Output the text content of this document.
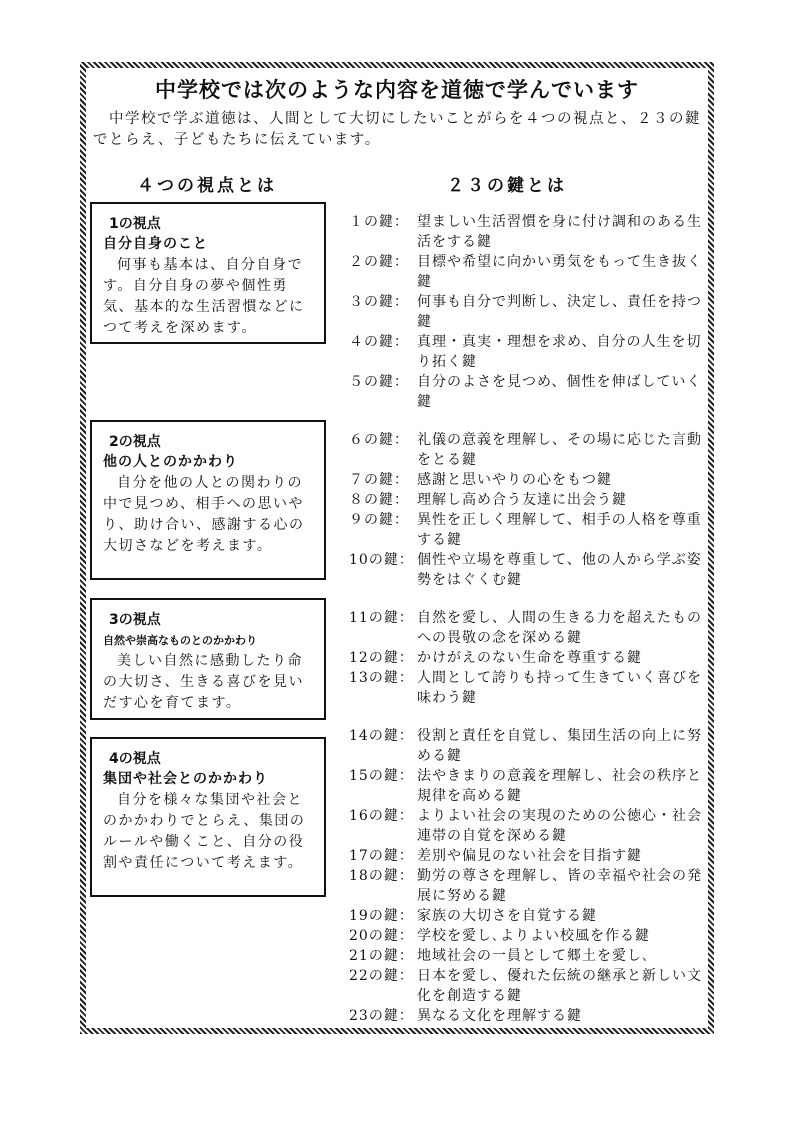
中学校では次のような内容を道徳で学んでいます

　中学校で学ぶ道徳は、人間として大切にしたいことがらを４つの視点と、２３の鍵でとらえ、子どもたちに伝えています。

４つの視点とは	２３の鍵とは
1の視点
自分自身のこと

何事も基本は、自分自身です。自分自身の夢や個性勇気、基本的な生活習慣などにつて考えを深めます。

2の視点
他の人とのかかわり

自分を他の人との関わりの中で見つめ、相手への思いやり、助け合い、感謝する心の大切さなどを考えます。

3の視点
自然や崇高なものとのかかわり

美しい自然に感動したり命の大切さ、生きる喜びを見いだす心を育てます。

4の視点
集団や社会とのかかわり

自分を様々な集団や社会とのかかわりでとらえ、集団のルールや働くこと、自分の役割や責任について考えます。

１の鍵： 望ましい生活習慣を身に付け調和のある生活をする鍵
２の鍵： 目標や希望に向かい勇気をもって生き抜く鍵
３の鍵： 何事も自分で判断し、決定し、責任を持つ鍵
４の鍵： 真理・真実・理想を求め、自分の人生を切り拓く鍵
５の鍵： 自分のよさを見つめ、個性を伸ばしていく鍵
６の鍵： 礼儀の意義を理解し、その場に応じた言動をとる鍵
７の鍵： 感謝と思いやりの心をもつ鍵
８の鍵： 理解し高め合う友達に出会う鍵
９の鍵： 異性を正しく理解して、相手の人格を尊重する鍵
10の鍵： 個性や立場を尊重して、他の人から学ぶ姿勢をはぐくむ鍵
11の鍵： 自然を愛し、人間の生きる力を超えたものへの畏敬の念を深める鍵
12の鍵： かけがえのない生命を尊重する鍵
13の鍵： 人間として誇りも持って生きていく喜びを味わう鍵
14の鍵： 役割と責任を自覚し、集団生活の向上に努める鍵
15の鍵： 法やきまりの意義を理解し、社会の秩序と規律を高める鍵
16の鍵： よりよい社会の実現のための公徳心・社会連帯の自覚を深める鍵
17の鍵： 差別や偏見のない社会を目指す鍵
18の鍵： 勤労の尊さを理解し、皆の幸福や社会の発展に努める鍵
19の鍵： 家族の大切さを自覚する鍵
20の鍵： 学校を愛し､よりよい校風を作る鍵
21の鍵： 地域社会の一員として郷土を愛し､
22の鍵： 日本を愛し、優れた伝統の継承と新しい文化を創造する鍵
23の鍵： 異なる文化を理解する鍵
